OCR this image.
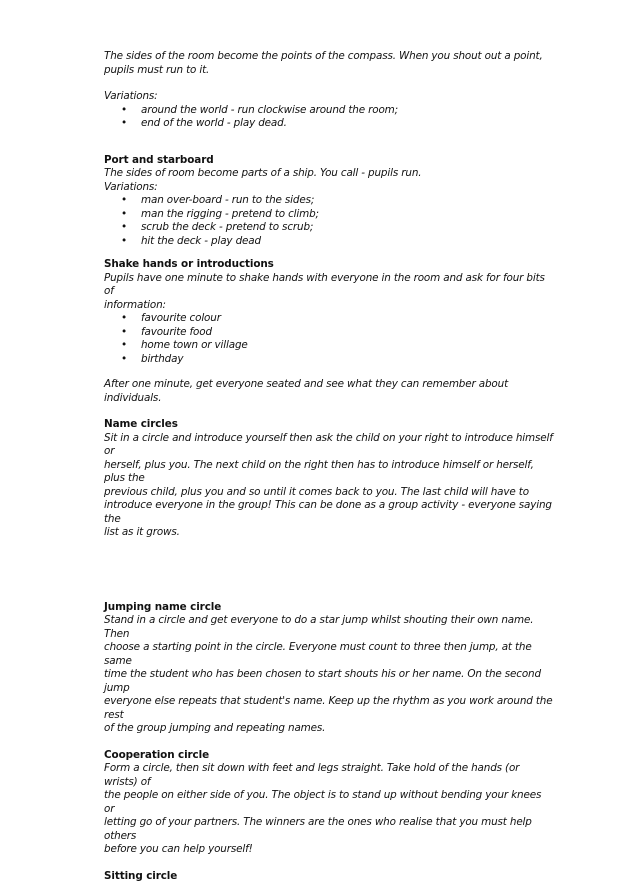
The sides of the room become the points of the compass. When you shout out a point,

pupils must run to it.

Variations:

• around the world - run clockwise around the room;
• end of the world - play dead.

Port and starboard

The sides of room become parts of a ship. You call - pupils run.

Variations:

• man over-board - run to the sides;
• man the rigging - pretend to climb;
• scrub the deck - pretend to scrub;
• hit the deck - play dead

Shake hands or introductions

Pupils have one minute to shake hands with everyone in the room and ask for four bits of

information:

• favourite colour
• favourite food
• home town or village
• birthday

After one minute, get everyone seated and see what they can remember about

individuals.

Name circles

Sit in a circle and introduce yourself then ask the child on your right to introduce himself or

herself, plus you. The next child on the right then has to introduce himself or herself, plus the

previous child, plus you and so until it comes back to you. The last child will have to

introduce everyone in the group! This can be done as a group activity - everyone saying the

list as it grows.

Jumping name circle

Stand in a circle and get everyone to do a star jump whilst shouting their own name. Then

choose a starting point in the circle. Everyone must count to three then jump, at the same

time the student who has been chosen to start shouts his or her name. On the second jump

everyone else repeats that student's name. Keep up the rhythm as you work around the rest

of the group jumping and repeating names.

Cooperation circle

Form a circle, then sit down with feet and legs straight. Take hold of the hands (or wrists) of

the people on either side of you. The object is to stand up without bending your knees or

letting go of your partners. The winners are the ones who realise that you must help others

before you can help yourself!

Sitting circle
